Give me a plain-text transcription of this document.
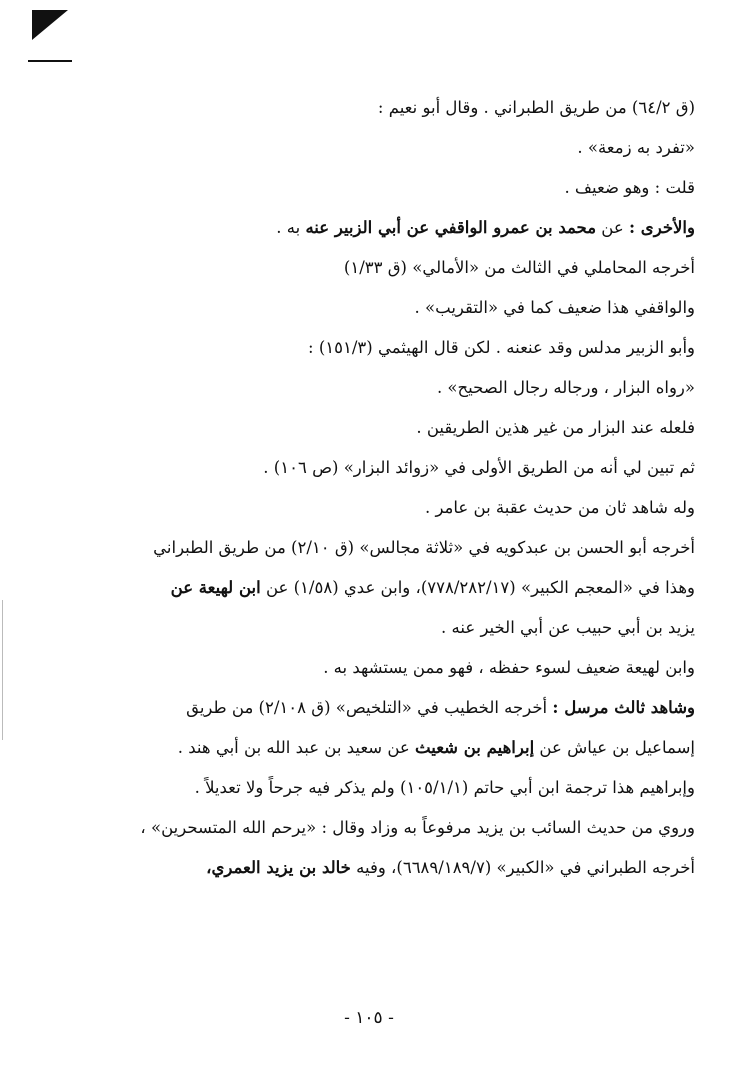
(ق ٦٤/٢) من طريق الطبراني . وقال أبو نعيم :
«تفرد به زمعة» .
قلت : وهو ضعيف .
والأخرى : عن محمد بن عمرو الواقفي عن أبي الزبير عنه به .
أخرجه المحاملي في الثالث من «الأمالي» (ق ١/٣٣)
والواقفي هذا ضعيف كما في «التقريب» .
وأبو الزبير مدلس وقد عنعنه . لكن قال الهيثمي (١٥١/٣) :
«رواه البزار ، ورجاله رجال الصحيح» .
فلعله عند البزار من غير هذين الطريقين .
ثم تبين لي أنه من الطريق الأولى في «زوائد البزار» (ص ١٠٦) .
وله شاهد ثان من حديث عقبة بن عامر .
أخرجه أبو الحسن بن عبدكويه في «ثلاثة مجالس» (ق ٢/١٠) من طريق الطبراني
وهذا في «المعجم الكبير» (٧٧٨/٢٨٢/١٧)، وابن عدي (١/٥٨) عن ابن لهيعة عن
يزيد بن أبي حبيب عن أبي الخير عنه .
وابن لهيعة ضعيف لسوء حفظه ، فهو ممن يستشهد به .
وشاهد ثالث مرسل : أخرجه الخطيب في «التلخيص» (ق ٢/١٠٨) من طريق
إسماعيل بن عياش عن إبراهيم بن شعيث عن سعيد بن عبد الله بن أبي هند .
وإبراهيم هذا ترجمة ابن أبي حاتم (١٠٥/١/١) ولم يذكر فيه جرحاً ولا تعديلاً .
وروي من حديث السائب بن يزيد مرفوعاً به وزاد وقال : «يرحم الله المتسحرين» ،
أخرجه الطبراني في «الكبير» (٦٦٨٩/١٨٩/٧)، وفيه خالد بن يزيد العمري،
- ١٠٥ -
